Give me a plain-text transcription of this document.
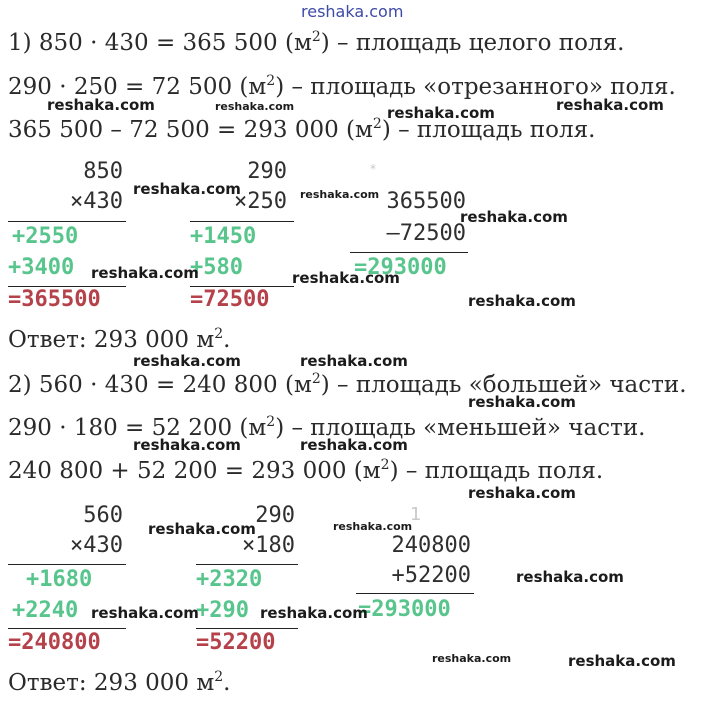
reshaka.com
1) 850 · 430 = 365 500 $(м^2)$ – площадь целого поля.
290 · 250 = 72 500 $(м^2)$ – площадь «отрезанного» поля.
365 500 – 72 500 = 293 000 $(м^2)$ – площадь поля.
850
×430
+2550
+3400
=365500
290
×250
+1450
+580
=72500
*
365500
–72500
=293000
Ответ: 293 000 $м^2$.
2) 560 · 430 = 240 800 $(м^2)$ – площадь «большей» части.
290 · 180 = 52 200 $(м^2)$ – площадь «меньшей» части.
240 800 + 52 200 = 293 000 $(м^2)$ – площадь поля.
560
×430
+1680
+2240
=240800
290
×180
+2320
+290
=52200
1
240800
+52200
=293000
Ответ: 293 000 $м^2$.
reshaka.com	reshaka.com	reshaka.com	reshaka.com
reshaka.com	reshaka.com
reshaka.com
reshaka.com	reshaka.com
reshaka.com
reshaka.com	reshaka.com
reshaka.com
reshaka.com	reshaka.com
reshaka.com
reshaka.com	reshaka.com
reshaka.com
reshaka.com	reshaka.com
reshaka.com	reshaka.com
